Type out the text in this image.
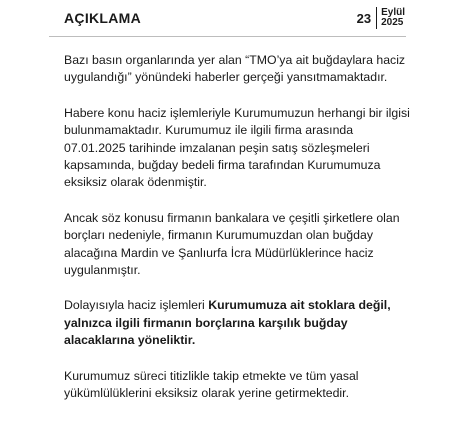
AÇIKLAMA	23 Eylül
2025

Bazı basın organlarında yer alan “TMO’ya ait buğdaylara haciz uygulandığı” yönündeki haberler gerçeği yansıtmamaktadır.

Habere konu haciz işlemleriyle Kurumumuzun herhangi bir ilgisi bulunmamaktadır. Kurumumuz ile ilgili firma arasında 07.01.2025 tarihinde imzalanan peşin satış sözleşmeleri kapsamında, buğday bedeli firma tarafından Kurumumuza eksiksiz olarak ödenmiştir.

Ancak söz konusu firmanın bankalara ve çeşitli şirketlere olan borçları nedeniyle, firmanın Kurumumuzdan olan buğday alacağına Mardin ve Şanlıurfa İcra Müdürlüklerince haciz uygulanmıştır.

Dolayısıyla haciz işlemleri Kurumumuza ait stoklara değil, yalnızca ilgili firmanın borçlarına karşılık buğday alacaklarına yöneliktir.

Kurumumuz süreci titizlikle takip etmekte ve tüm yasal yükümlülüklerini eksiksiz olarak yerine getirmektedir.
